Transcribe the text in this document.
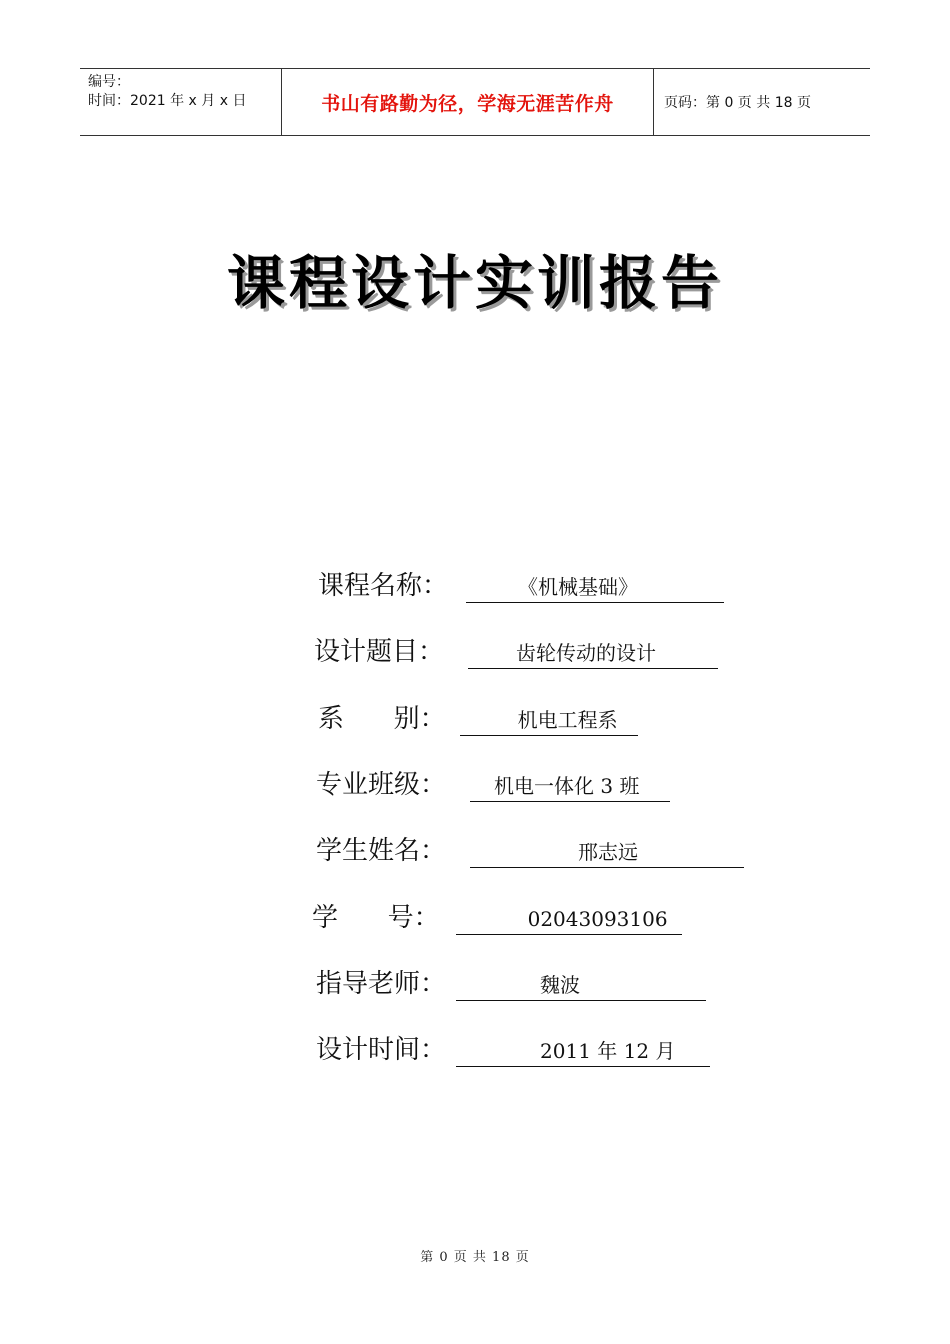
编号：
时间：2021 年 x 月 x 日	书山有路勤为径，学海无涯苦作舟	页码：第 0 页 共 18 页
课程设计实训报告
课程名称：

	《机械基础》

设计题目：

	齿轮传动的设计

系      别：

	机电工程系

专业班级：

机电一体化 3 班

学生姓名：

	邢志远

学      号：

	02043093106

指导老师：

	魏波

设计时间：

	2011 年 12 月

第 0 页 共 18 页
